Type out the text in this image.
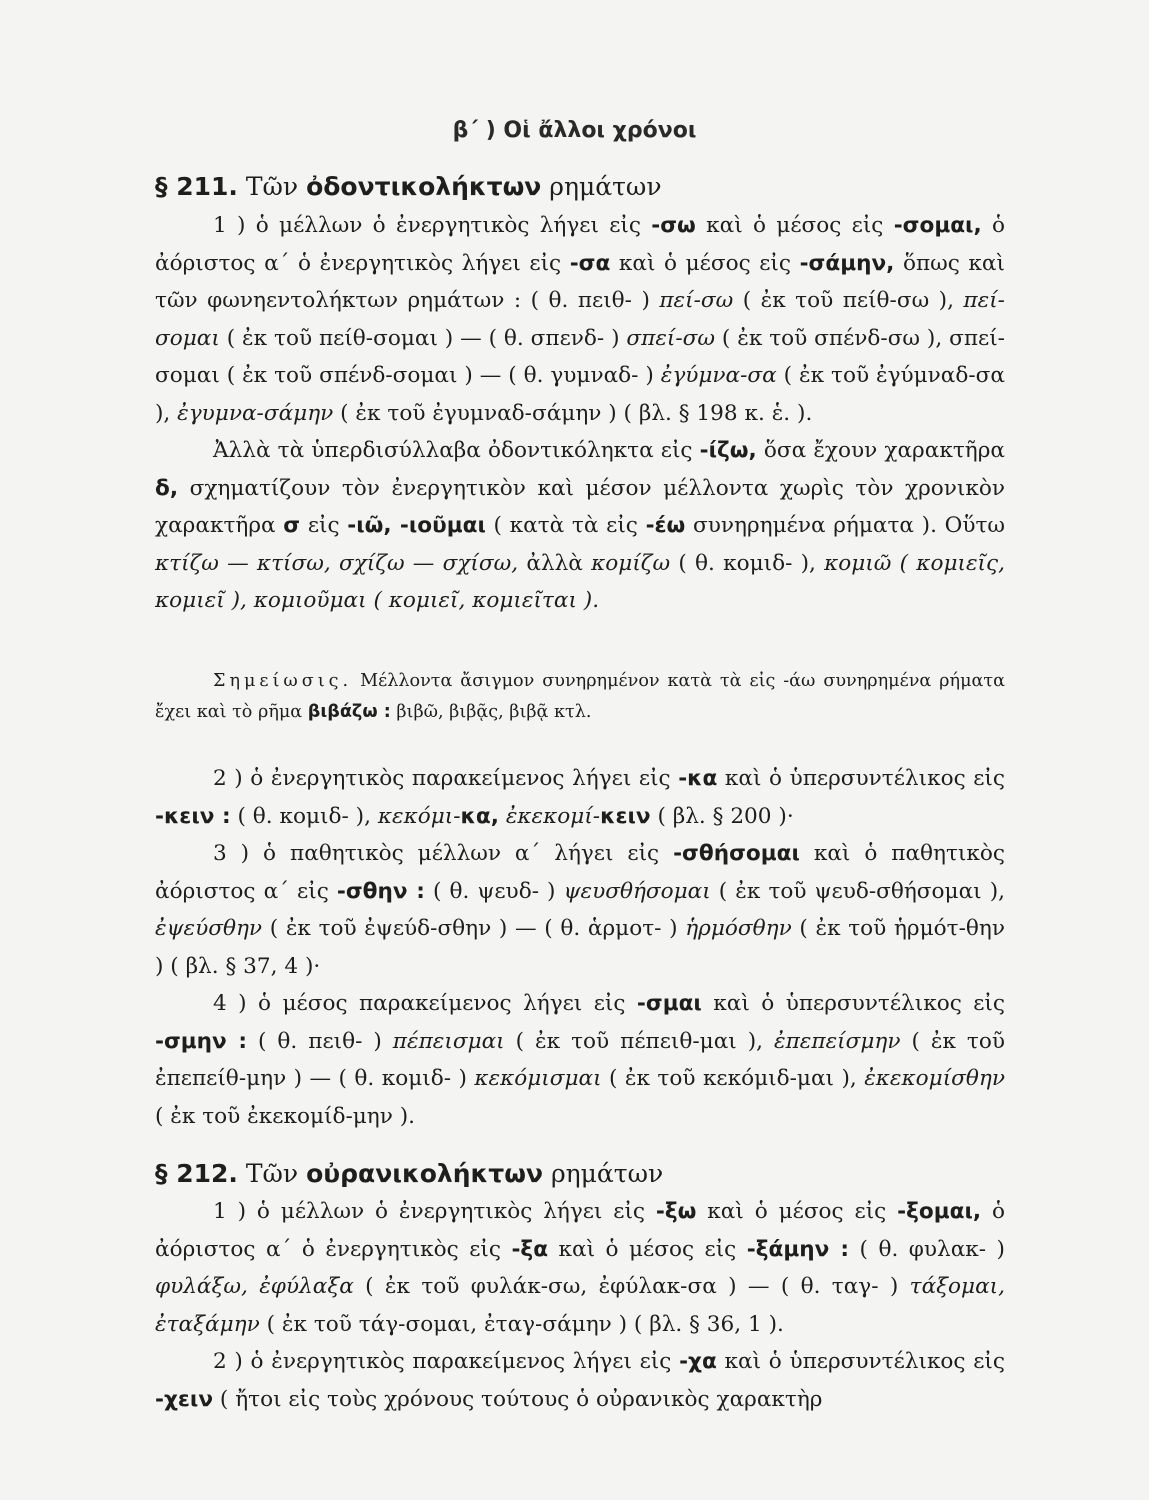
β΄ ) Οἱ ἄλλοι χρόνοι
§ 211. Τῶν ὀδοντικολήκτων ρημάτων

1 ) ὁ μέλλων ὁ ἐνεργητικὸς λήγει εἰς -σω καὶ ὁ μέσος εἰς -σομαι, ὁ ἀόριστος α΄ ὁ ἐνεργητικὸς λήγει εἰς -σα καὶ ὁ μέσος εἰς -σάμην, ὅπως καὶ τῶν φωνηεντολήκτων ρημάτων : ( θ. πειθ- ) πεί-σω ( ἐκ τοῦ πείθ-σω ), πεί-σομαι ( ἐκ τοῦ πείθ-σομαι ) — ( θ. σπενδ- ) σπεί-σω ( ἐκ τοῦ σπένδ-σω ), σπεί-σομαι ( ἐκ τοῦ σπένδ-σομαι ) — ( θ. γυμναδ- ) ἐγύμνα-σα ( ἐκ τοῦ ἐγύμναδ-σα ), ἐγυμνα-σάμην ( ἐκ τοῦ ἐγυμναδ-σάμην ) ( βλ. § 198 κ. ἑ. ).

Ἀλλὰ τὰ ὑπερδισύλλαβα ὀδοντικόληκτα εἰς -ίζω, ὅσα ἔχουν χαρακτῆρα δ, σχηματίζουν τὸν ἐνεργητικὸν καὶ μέσον μέλλοντα χωρὶς τὸν χρονικὸν χαρακτῆρα σ εἰς -ιῶ, -ιοῦμαι ( κατὰ τὰ εἰς -έω συνηρημένα ρήματα ). Οὕτω κτίζω — κτίσω, σχίζω — σχίσω, ἀλλὰ κομίζω ( θ. κομιδ- ), κομιῶ ( κομιεῖς, κομιεῖ ), κομιοῦμαι ( κομιεῖ, κομιεῖται ).

Σημείωσις. Μέλλοντα ἄσιγμον συνηρημένον κατὰ τὰ εἰς -άω συνηρημένα ρήματα ἔχει καὶ τὸ ρῆμα βιβάζω : βιβῶ, βιβᾷς, βιβᾷ κτλ.

2 ) ὁ ἐνεργητικὸς παρακείμενος λήγει εἰς -κα καὶ ὁ ὑπερσυντέλικος εἰς -κειν : ( θ. κομιδ- ), κεκόμι-κα, ἐκεκομί-κειν ( βλ. § 200 )·

3 ) ὁ παθητικὸς μέλλων α΄ λήγει εἰς -σθήσομαι καὶ ὁ παθητικὸς ἀόριστος α΄ εἰς -σθην : ( θ. ψευδ- ) ψευσθήσομαι ( ἐκ τοῦ ψευδ-σθήσομαι ), ἐψεύσθην ( ἐκ τοῦ ἐψεύδ-σθην ) — ( θ. ἁρμοτ- ) ἡρμόσθην ( ἐκ τοῦ ἡρμότ-θην ) ( βλ. § 37, 4 )·

4 ) ὁ μέσος παρακείμενος λήγει εἰς -σμαι καὶ ὁ ὑπερσυντέλικος εἰς -σμην : ( θ. πειθ- ) πέπεισμαι ( ἐκ τοῦ πέπειθ-μαι ), ἐπεπείσμην ( ἐκ τοῦ ἐπεπείθ-μην ) — ( θ. κομιδ- ) κεκόμισμαι ( ἐκ τοῦ κεκόμιδ-μαι ), ἐκεκομίσθην ( ἐκ τοῦ ἐκεκομίδ-μην ).

§ 212. Τῶν οὐρανικολήκτων ρημάτων

1 ) ὁ μέλλων ὁ ἐνεργητικὸς λήγει εἰς -ξω καὶ ὁ μέσος εἰς -ξομαι, ὁ ἀόριστος α΄ ὁ ἐνεργητικὸς εἰς -ξα καὶ ὁ μέσος εἰς -ξάμην : ( θ. φυλακ- ) φυλάξω, ἐφύλαξα ( ἐκ τοῦ φυλάκ-σω, ἐφύλακ-σα ) — ( θ. ταγ- ) τάξομαι, ἐταξάμην ( ἐκ τοῦ τάγ-σομαι, ἐταγ-σάμην ) ( βλ. § 36, 1 ).

2 ) ὁ ἐνεργητικὸς παρακείμενος λήγει εἰς -χα καὶ ὁ ὑπερσυντέλικος εἰς -χειν ( ἤτοι εἰς τοὺς χρόνους τούτους ὁ οὐρανικὸς χαρακτὴρ
